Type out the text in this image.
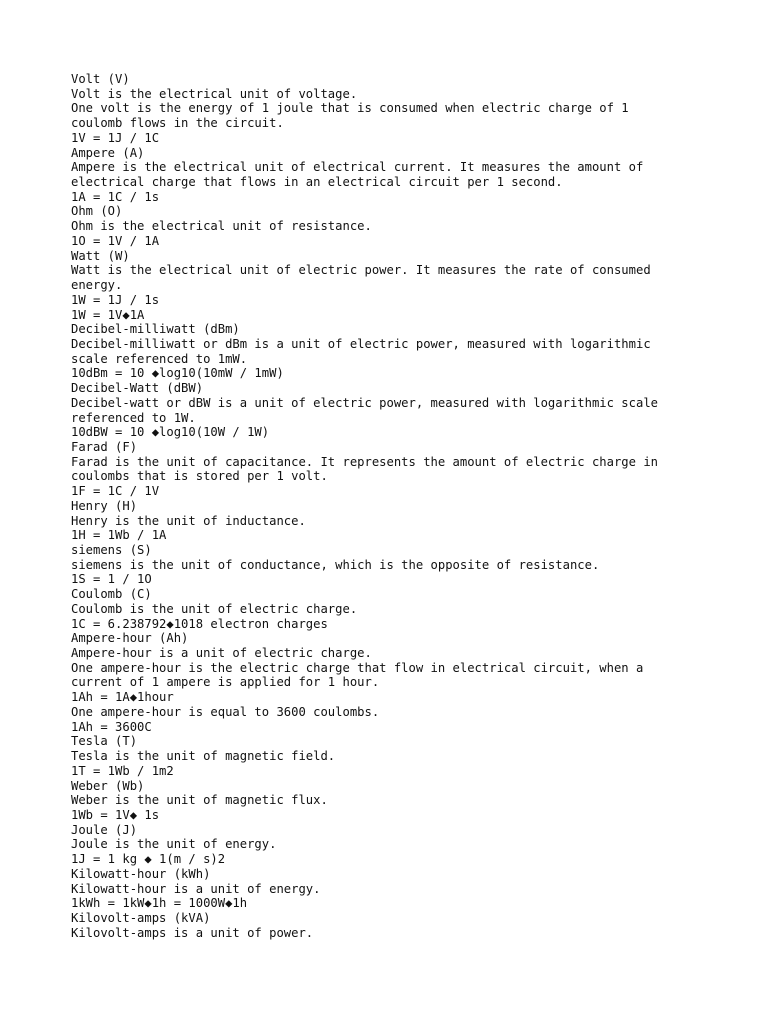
Volt (V)
Volt is the electrical unit of voltage.
One volt is the energy of 1 joule that is consumed when electric charge of 1
coulomb flows in the circuit.
1V = 1J / 1C
Ampere (A)
Ampere is the electrical unit of electrical current. It measures the amount of
electrical charge that flows in an electrical circuit per 1 second.
1A = 1C / 1s
Ohm (O)
Ohm is the electrical unit of resistance.
1O = 1V / 1A
Watt (W)
Watt is the electrical unit of electric power. It measures the rate of consumed
energy.
1W = 1J / 1s
1W = 1V◆1A
Decibel-milliwatt (dBm)
Decibel-milliwatt or dBm is a unit of electric power, measured with logarithmic
scale referenced to 1mW.
10dBm = 10 ◆log10(10mW / 1mW)
Decibel-Watt (dBW)
Decibel-watt or dBW is a unit of electric power, measured with logarithmic scale
referenced to 1W.
10dBW = 10 ◆log10(10W / 1W)
Farad (F)
Farad is the unit of capacitance. It represents the amount of electric charge in
coulombs that is stored per 1 volt.
1F = 1C / 1V
Henry (H)
Henry is the unit of inductance.
1H = 1Wb / 1A
siemens (S)
siemens is the unit of conductance, which is the opposite of resistance.
1S = 1 / 1O
Coulomb (C)
Coulomb is the unit of electric charge.
1C = 6.238792◆1018 electron charges
Ampere-hour (Ah)
Ampere-hour is a unit of electric charge.
One ampere-hour is the electric charge that flow in electrical circuit, when a
current of 1 ampere is applied for 1 hour.
1Ah = 1A◆1hour
One ampere-hour is equal to 3600 coulombs.
1Ah = 3600C
Tesla (T)
Tesla is the unit of magnetic field.
1T = 1Wb / 1m2
Weber (Wb)
Weber is the unit of magnetic flux.
1Wb = 1V◆ 1s
Joule (J)
Joule is the unit of energy.
1J = 1 kg ◆ 1(m / s)2
Kilowatt-hour (kWh)
Kilowatt-hour is a unit of energy.
1kWh = 1kW◆1h = 1000W◆1h
Kilovolt-amps (kVA)
Kilovolt-amps is a unit of power.
